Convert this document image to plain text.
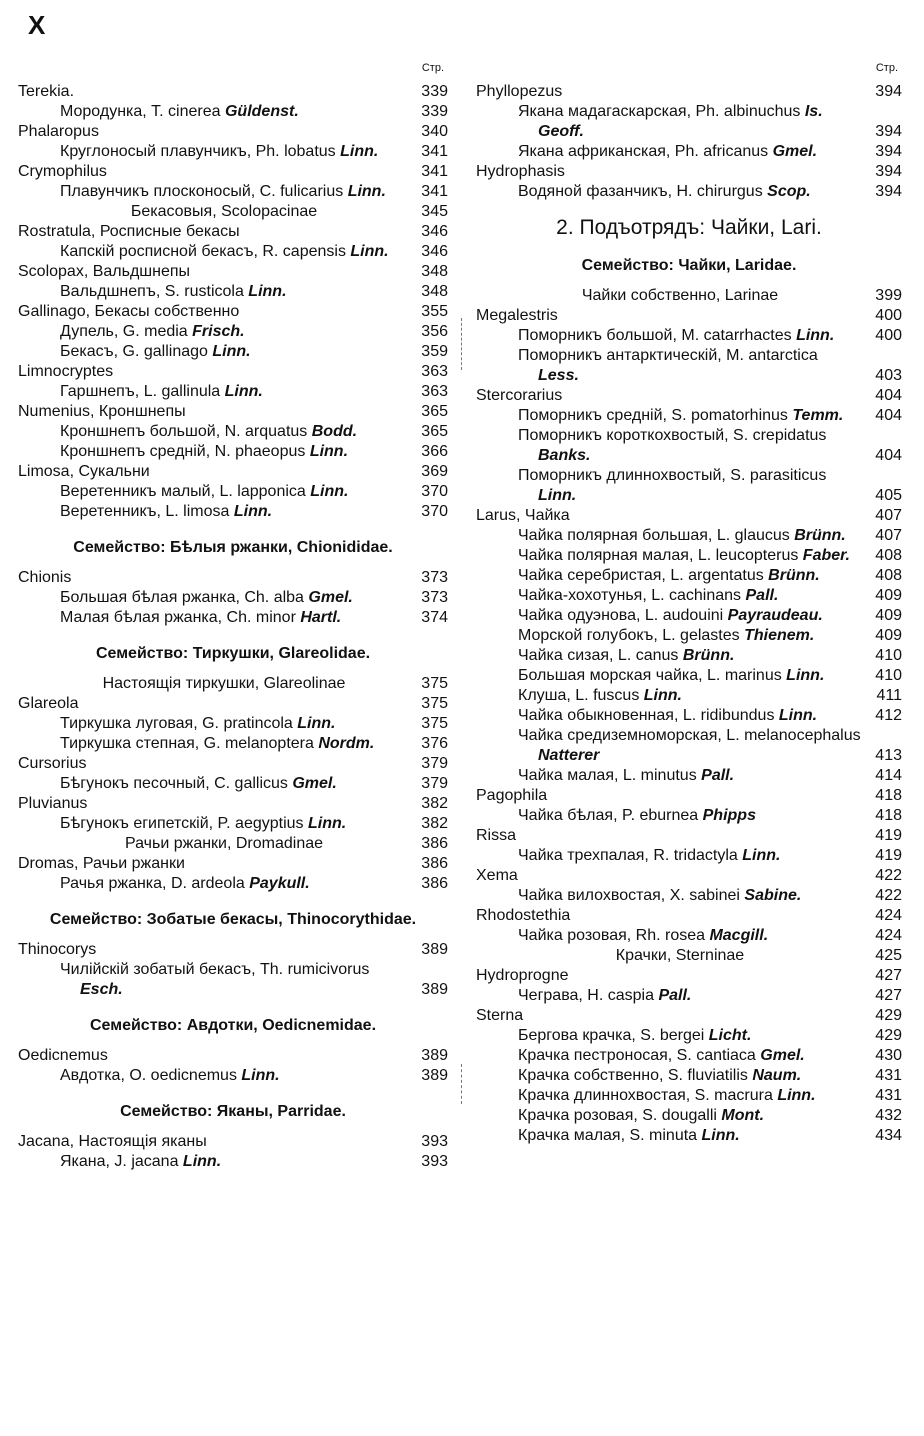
X
Стр.
Terekia.	339
Мородунка, T. cinerea Güldenst.	339
Phalaropus	340
Круглоносый плавунчикъ, Ph. lobatus Linn.	341
Crymophilus	341
Плавунчикъ плосконосый, C. fulicarius Linn.	341
Бекасовыя, Scolopacinae	345
Rostratula, Росписные бекасы	346
Капскій росписной бекасъ, R. capensis Linn.	346
Scolopax, Вальдшнепы	348
Вальдшнепъ, S. rusticola Linn.	348
Gallinago, Бекасы собственно	355
Дупель, G. media Frisch.	356
Бекасъ, G. gallinago Linn.	359
Limnocryptes	363
Гаршнепъ, L. gallinula Linn.	363
Numenius, Кроншнепы	365
Кроншнепъ большой, N. arquatus Bodd.	365
Кроншнепъ средній, N. phaeopus Linn.	366
Limosa, Сукальни	369
Веретенникъ малый, L. lapponica Linn.	370
Веретенникъ, L. limosa Linn.	370
Семейство: Бѣлыя ржанки, Chionididae.
Chionis	373
Большая бѣлая ржанка, Ch. alba Gmel.	373
Малая бѣлая ржанка, Ch. minor Hartl.	374
Семейство: Тиркушки, Glareolidae.
Настоящія тиркушки, Glareolinae	375
Glareola	375
Тиркушка луговая, G. pratincola Linn.	375
Тиркушка степная, G. melanoptera Nordm.	376
Cursorius	379
Бѣгунокъ песочный, C. gallicus Gmel.	379
Pluvianus	382
Бѣгунокъ египетскій, P. aegyptius Linn.	382
Рачьи ржанки, Dromadinae	386
Dromas, Рачьи ржанки	386
Рачья ржанка, D. ardeola Paykull.	386
Семейство: Зобатые бекасы, Thinocorythidae.
Thinocorys	389
Чилійскій зобатый бекасъ, Th. rumicivorus Esch.	389
Семейство: Авдотки, Oedicnemidae.
Oedicnemus	389
Авдотка, O. oedicnemus Linn.	389
Семейство: Яканы, Parridae.
Jacana, Настоящія яканы	393
Якана, J. jacana Linn.	393
Стр.
Phyllopezus	394
Якана мадагаскарская, Ph. albinuchus Is. Geoff.	394
Якана африканская, Ph. africanus Gmel.	394
Hydrophasis	394
Водяной фазанчикъ, H. chirurgus Scop.	394
2. Подъотрядъ: Чайки, Lari.
Семейство: Чайки, Laridae.
Чайки собственно, Larinae	399
Megalestris	400
Поморникъ большой, M. catarrhactes Linn.	400
Поморникъ антарктическій, M. antarctica Less.	403
Stercorarius	404
Поморникъ средній, S. pomatorhinus Temm.	404
Поморникъ короткохвостый, S. crepidatus Banks.	404
Поморникъ длиннохвостый, S. parasiticus Linn.	405
Larus, Чайка	407
Чайка полярная большая, L. glaucus Brünn.	407
Чайка полярная малая, L. leucopterus Faber.	408
Чайка серебристая, L. argentatus Brünn.	408
Чайка-хохотунья, L. cachinans Pall.	409
Чайка одуэнова, L. audouini Payraudeau.	409
Морской голубокъ, L. gelastes Thienem.	409
Чайка сизая, L. canus Brünn.	410
Большая морская чайка, L. marinus Linn.	410
Клуша, L. fuscus Linn.	411
Чайка обыкновенная, L. ridibundus Linn.	412
Чайка средиземноморская, L. melanocephalus Natterer	413
Чайка малая, L. minutus Pall.	414
Pagophila	418
Чайка бѣлая, P. eburnea Phipps	418
Rissa	419
Чайка трехпалая, R. tridactyla Linn.	419
Xema	422
Чайка вилохвостая, X. sabinei Sabine.	422
Rhodostethia	424
Чайка розовая, Rh. rosea Macgill.	424
Крачки, Sterninae	425
Hydroprogne	427
Чеграва, H. caspia Pall.	427
Sterna	429
Бергова крачка, S. bergei Licht.	429
Крачка пестроносая, S. cantiaca Gmel.	430
Крачка собственно, S. fluviatilis Naum.	431
Крачка длиннохвостая, S. macrura Linn.	431
Крачка розовая, S. dougalli Mont.	432
Крачка малая, S. minuta Linn.	434
